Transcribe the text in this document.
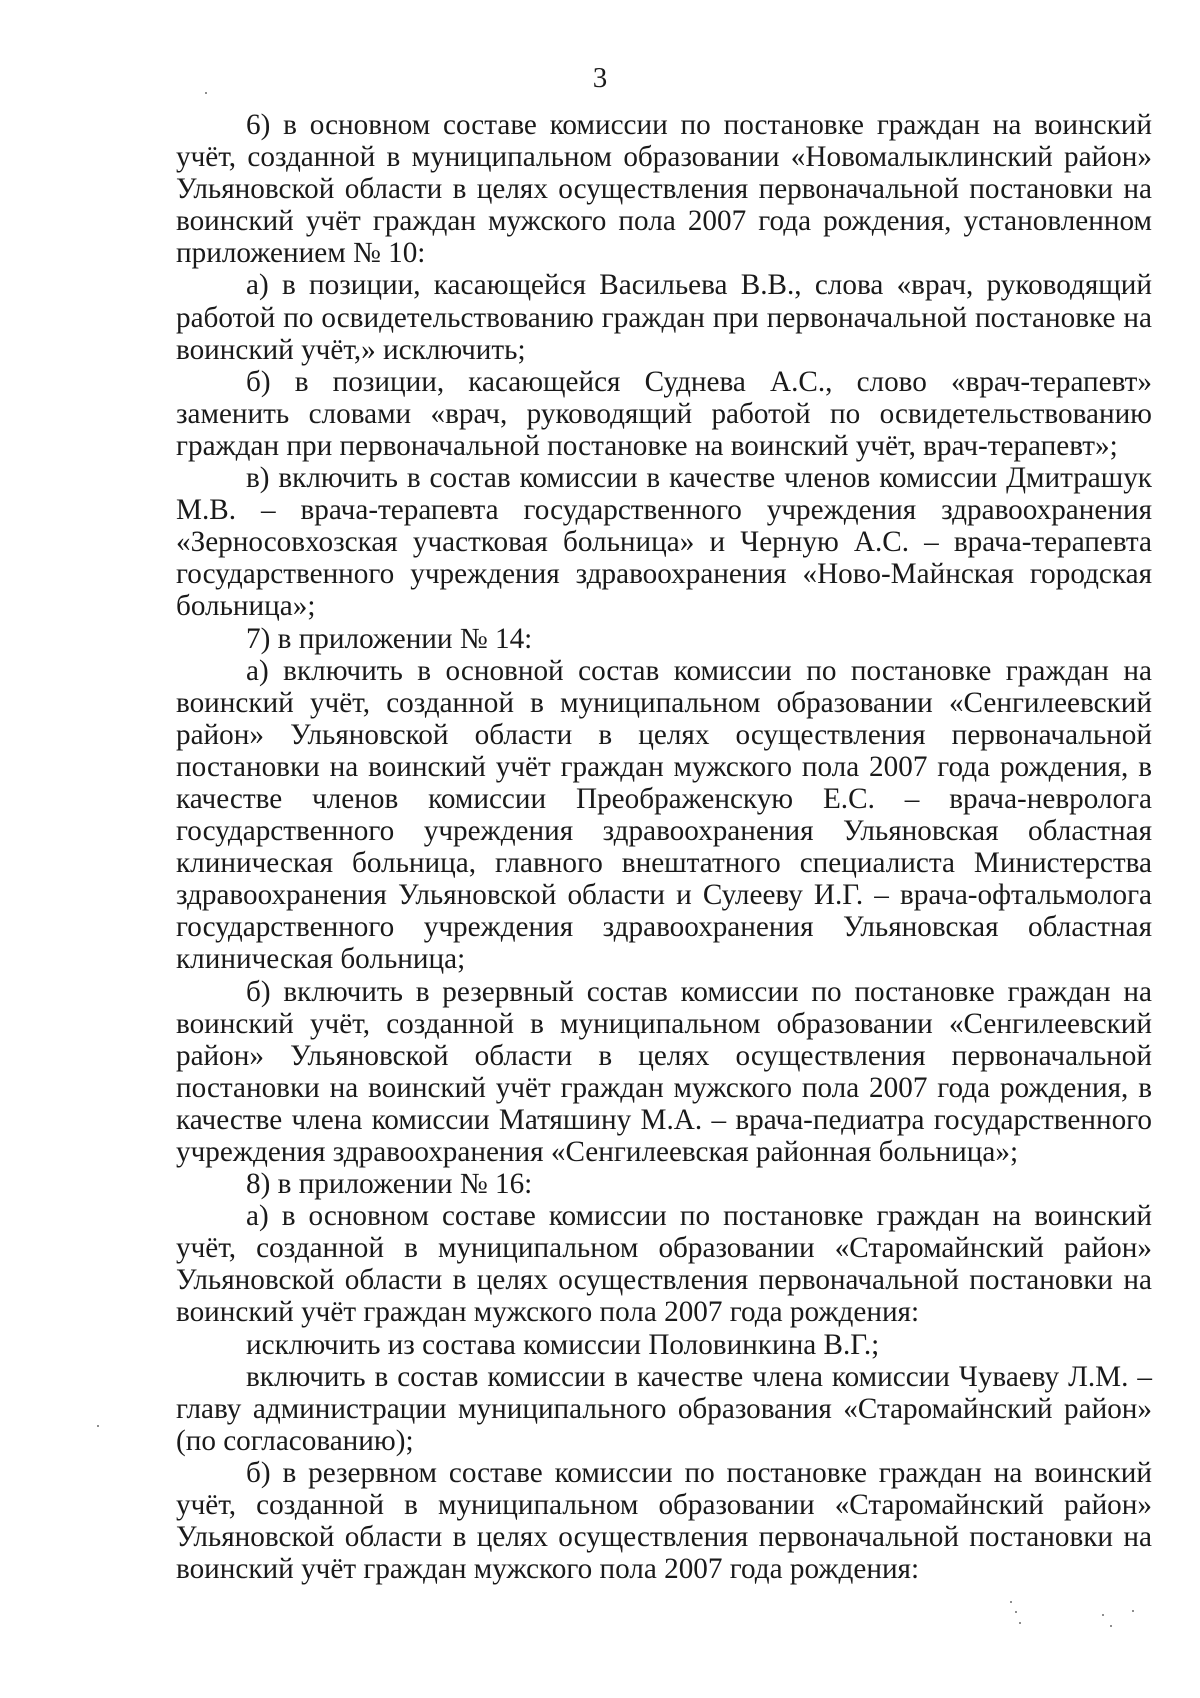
3

6) в основном составе комиссии по постановке граждан на воинский учёт, созданной в муниципальном образовании «Новомалыклинский район» Ульяновской области в целях осуществления первоначальной постановки на воинский учёт граждан мужского пола 2007 года рождения, установленном приложением № 10:

а) в позиции, касающейся Васильева В.В., слова «врач, руководящий работой по освидетельствованию граждан при первоначальной постановке на воинский учёт,» исключить;

б) в позиции, касающейся Суднева А.С., слово «врач-терапевт» заменить словами «врач, руководящий работой по освидетельствованию граждан при первоначальной постановке на воинский учёт, врач-терапевт»;

в) включить в состав комиссии в качестве членов комиссии Дмитрашук М.В. – врача-терапевта государственного учреждения здравоохранения «Зерносовхозская участковая больница» и Черную А.С. – врача-терапевта государственного учреждения здравоохранения «Ново-Майнская городская больница»;

7) в приложении № 14:

а) включить в основной состав комиссии по постановке граждан на воинский учёт, созданной в муниципальном образовании «Сенгилеевский район» Ульяновской области в целях осуществления первоначальной постановки на воинский учёт граждан мужского пола 2007 года рождения, в качестве членов комиссии Преображенскую Е.С. – врача-невролога государственного учреждения здравоохранения Ульяновская областная клиническая больница, главного внештатного специалиста Министерства здравоохранения Ульяновской области и Сулееву И.Г. – врача-офтальмолога государственного учреждения здравоохранения Ульяновская областная клиническая больница;

б) включить в резервный состав комиссии по постановке граждан на воинский учёт, созданной в муниципальном образовании «Сенгилеевский район» Ульяновской области в целях осуществления первоначальной постановки на воинский учёт граждан мужского пола 2007 года рождения, в качестве члена комиссии Матяшину М.А. – врача-педиатра государственного учреждения здравоохранения «Сенгилеевская районная больница»;

8) в приложении № 16:

а) в основном составе комиссии по постановке граждан на воинский учёт, созданной в муниципальном образовании «Старомайнский район» Ульяновской области в целях осуществления первоначальной постановки на воинский учёт граждан мужского пола 2007 года рождения:

исключить из состава комиссии Половинкина В.Г.;

включить в состав комиссии в качестве члена комиссии Чуваеву Л.М. – главу администрации муниципального образования «Старомайнский район» (по согласованию);

б) в резервном составе комиссии по постановке граждан на воинский учёт, созданной в муниципальном образовании «Старомайнский район» Ульяновской области в целях осуществления первоначальной постановки на воинский учёт граждан мужского пола 2007 года рождения:
